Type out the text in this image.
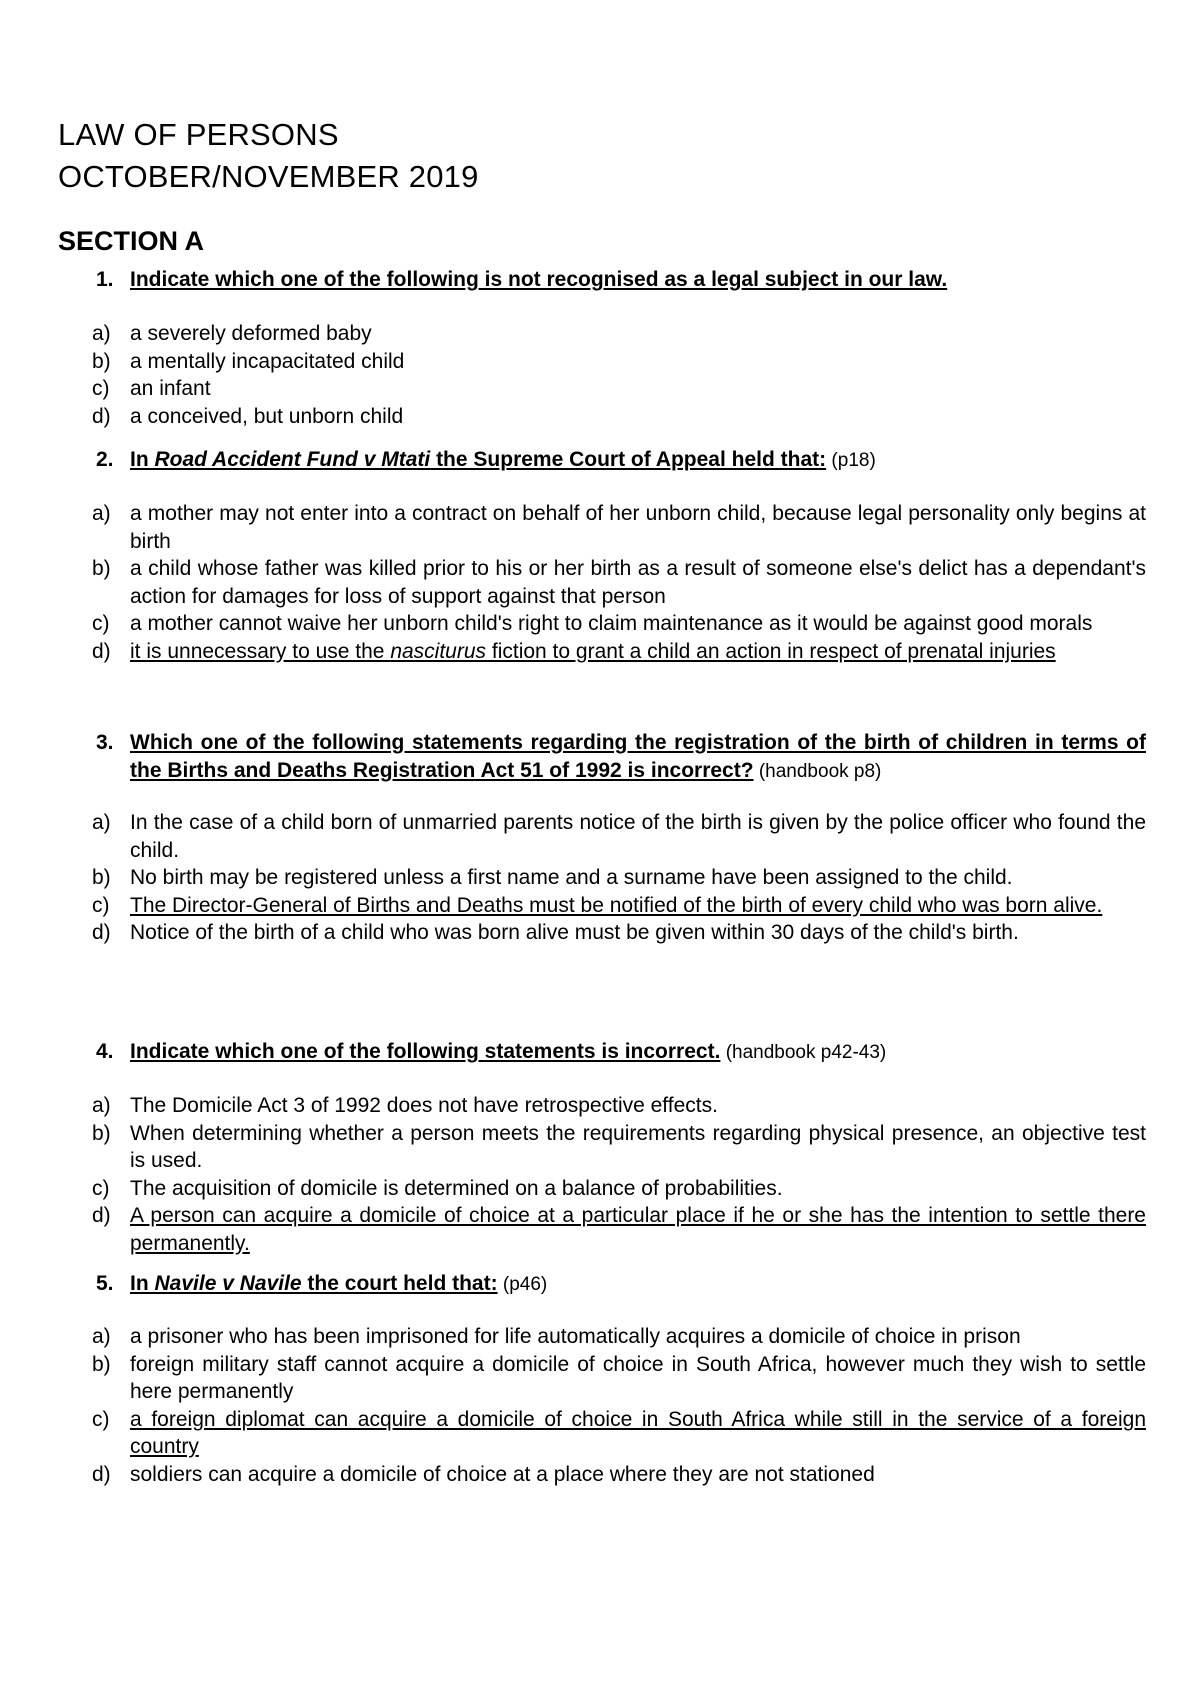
LAW OF PERSONS
OCTOBER/NOVEMBER 2019
SECTION A
1. Indicate which one of the following is not recognised as a legal subject in our law.
a) a severely deformed baby
b) a mentally incapacitated child
c) an infant
d) a conceived, but unborn child
2. In Road Accident Fund v Mtati the Supreme Court of Appeal held that: (p18)
a) a mother may not enter into a contract on behalf of her unborn child, because legal personality only begins at birth
b) a child whose father was killed prior to his or her birth as a result of someone else's delict has a dependant's action for damages for loss of support against that person
c) a mother cannot waive her unborn child's right to claim maintenance as it would be against good morals
d) it is unnecessary to use the nasciturus fiction to grant a child an action in respect of prenatal injuries
3. Which one of the following statements regarding the registration of the birth of children in terms of the Births and Deaths Registration Act 51 of 1992 is incorrect? (handbook p8)
a) In the case of a child born of unmarried parents notice of the birth is given by the police officer who found the child.
b) No birth may be registered unless a first name and a surname have been assigned to the child.
c) The Director-General of Births and Deaths must be notified of the birth of every child who was born alive.
d) Notice of the birth of a child who was born alive must be given within 30 days of the child's birth.
4. Indicate which one of the following statements is incorrect. (handbook p42-43)
a) The Domicile Act 3 of 1992 does not have retrospective effects.
b) When determining whether a person meets the requirements regarding physical presence, an objective test is used.
c) The acquisition of domicile is determined on a balance of probabilities.
d) A person can acquire a domicile of choice at a particular place if he or she has the intention to settle there permanently.
5. In Navile v Navile the court held that: (p46)
a) a prisoner who has been imprisoned for life automatically acquires a domicile of choice in prison
b) foreign military staff cannot acquire a domicile of choice in South Africa, however much they wish to settle here permanently
c) a foreign diplomat can acquire a domicile of choice in South Africa while still in the service of a foreign country
d) soldiers can acquire a domicile of choice at a place where they are not stationed
